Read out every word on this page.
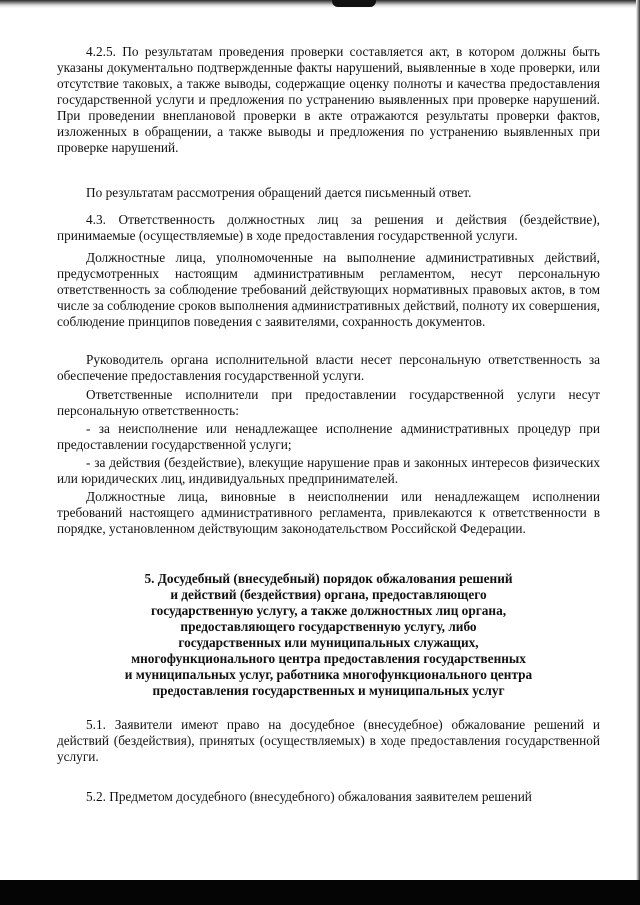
4.2.5. По результатам проведения проверки составляется акт, в котором должны быть указаны документально подтвержденные факты нарушений, выявленные в ходе проверки, или отсутствие таковых, а также выводы, содержащие оценку полноты и качества предоставления государственной услуги и предложения по устранению выявленных при проверке нарушений. При проведении внеплановой проверки в акте отражаются результаты проверки фактов, изложенных в обращении, а также выводы и предложения по устранению выявленных при проверке нарушений.

По результатам рассмотрения обращений дается письменный ответ.

4.3. Ответственность должностных лиц за решения и действия (бездействие), принимаемые (осуществляемые) в ходе предоставления государственной услуги.

Должностные лица, уполномоченные на выполнение административных действий, предусмотренных настоящим административным регламентом, несут персональную ответственность за соблюдение требований действующих нормативных правовых актов, в том числе за соблюдение сроков выполнения административных действий, полноту их совершения, соблюдение принципов поведения с заявителями, сохранность документов.

Руководитель органа исполнительной власти несет персональную ответственность за обеспечение предоставления государственной услуги.

Ответственные исполнители при предоставлении государственной услуги несут персональную ответственность:

- за неисполнение или ненадлежащее исполнение административных процедур при предоставлении государственной услуги;

- за действия (бездействие), влекущие нарушение прав и законных интересов физических или юридических лиц, индивидуальных предпринимателей.

Должностные лица, виновные в неисполнении или ненадлежащем исполнении требований настоящего административного регламента, привлекаются к ответственности в порядке, установленном действующим законодательством Российской Федерации.

5. Досудебный (внесудебный) порядок обжалования решений
и действий (бездействия) органа, предоставляющего
государственную услугу, а также должностных лиц органа,
предоставляющего государственную услугу, либо
государственных или муниципальных служащих,
многофункционального центра предоставления государственных
и муниципальных услуг, работника многофункционального центра
предоставления государственных и муниципальных услуг

5.1. Заявители имеют право на досудебное (внесудебное) обжалование решений и действий (бездействия), принятых (осуществляемых) в ходе предоставления государственной услуги.

5.2. Предметом досудебного (внесудебного) обжалования заявителем решений
